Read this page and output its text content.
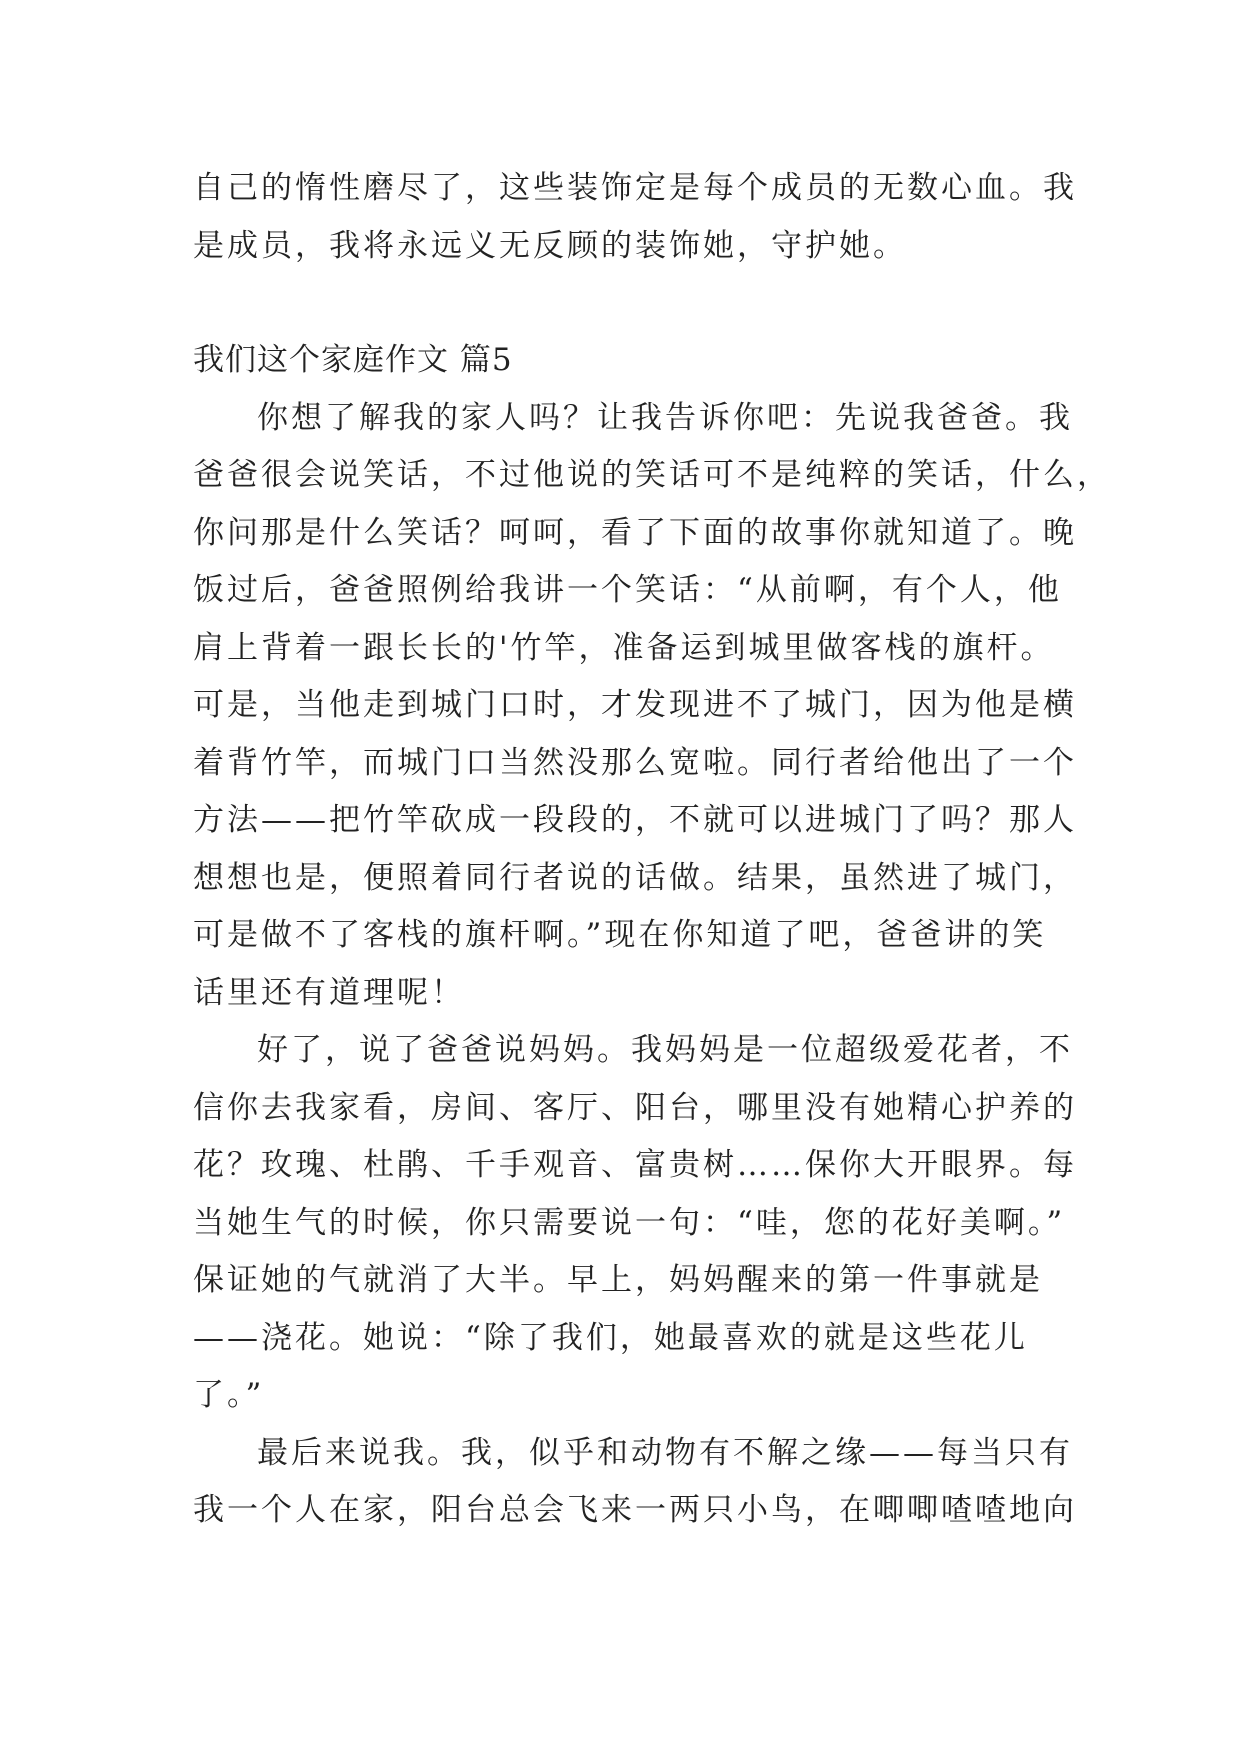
自己的惰性磨尽了，这些装饰定是每个成员的无数心血。我
是成员，我将永远义无反顾的装饰她，守护她。
我们这个家庭作文 篇5
你想了解我的家人吗？让我告诉你吧：先说我爸爸。我
爸爸很会说笑话，不过他说的笑话可不是纯粹的笑话，什么，
你问那是什么笑话？呵呵，看了下面的故事你就知道了。晚
饭过后，爸爸照例给我讲一个笑话：“从前啊，有个人，他
肩上背着一跟长长的'竹竿，准备运到城里做客栈的旗杆。
可是，当他走到城门口时，才发现进不了城门，因为他是横
着背竹竿，而城门口当然没那么宽啦。同行者给他出了一个
方法——把竹竿砍成一段段的，不就可以进城门了吗？那人
想想也是，便照着同行者说的话做。结果，虽然进了城门，
可是做不了客栈的旗杆啊。”现在你知道了吧，爸爸讲的笑
话里还有道理呢！
好了，说了爸爸说妈妈。我妈妈是一位超级爱花者，不
信你去我家看，房间、客厅、阳台，哪里没有她精心护养的
花？玫瑰、杜鹃、千手观音、富贵树……保你大开眼界。每
当她生气的时候，你只需要说一句：“哇，您的花好美啊。”
保证她的气就消了大半。早上，妈妈醒来的第一件事就是
——浇花。她说：“除了我们，她最喜欢的就是这些花儿
了。”
最后来说我。我，似乎和动物有不解之缘——每当只有
我一个人在家，阳台总会飞来一两只小鸟，在唧唧喳喳地向
